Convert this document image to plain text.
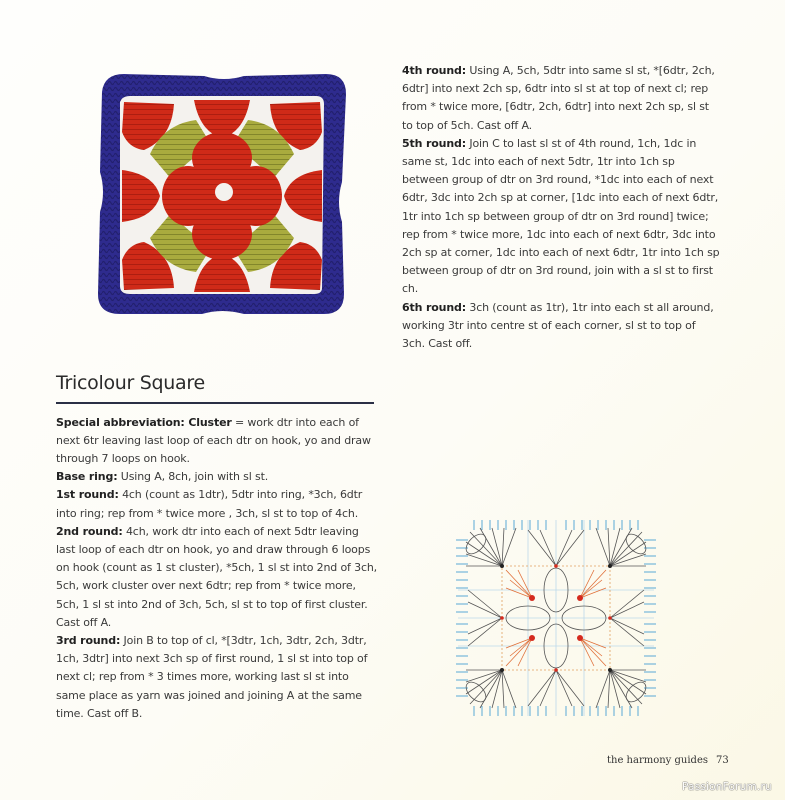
4th round: Using A, 5ch, 5dtr into same sl st, *[6dtr, 2ch, 6dtr] into next 2ch sp, 6dtr into sl st at top of next cl; rep from * twice more, [6dtr, 2ch, 6dtr] into next 2ch sp, sl st to top of 5ch. Cast off A.

5th round: Join C to last sl st of 4th round, 1ch, 1dc in same st, 1dc into each of next 5dtr, 1tr into 1ch sp between group of dtr on 3rd round, *1dc into each of next 6dtr, 3dc into 2ch sp at corner, [1dc into each of next 6dtr, 1tr into 1ch sp between group of dtr on 3rd round] twice; rep from * twice more, 1dc into each of next 6dtr, 3dc into 2ch sp at corner, 1dc into each of next 6dtr, 1tr into 1ch sp between group of dtr on 3rd round, join with a sl st to first ch.

6th round: 3ch (count as 1tr), 1tr into each st all around, working 3tr into centre st of each corner, sl st to top of 3ch. Cast off.

Tricolour Square

Special abbreviation: Cluster = work dtr into each of next 6tr leaving last loop of each dtr on hook, yo and draw through 7 loops on hook.

Base ring: Using A, 8ch, join with sl st.

1st round: 4ch (count as 1dtr), 5dtr into ring, *3ch, 6dtr into ring; rep from * twice more , 3ch, sl st to top of 4ch.

2nd round: 4ch, work dtr into each of next 5dtr leaving last loop of each dtr on hook, yo and draw through 6 loops on hook (count as 1 st cluster), *5ch, 1 sl st into 2nd of 3ch, 5ch, work cluster over next 6dtr; rep from * twice more, 5ch, 1 sl st into 2nd of 3ch, 5ch, sl st to top of first cluster. Cast off A.

3rd round: Join B to top of cl, *[3dtr, 1ch, 3dtr, 2ch, 3dtr, 1ch, 3dtr] into next 3ch sp of first round, 1 sl st into top of next cl; rep from * 3 times more, working last sl st into same place as yarn was joined and joining A at the same time. Cast off B.

the harmony guides 73
PassionForum.ru
